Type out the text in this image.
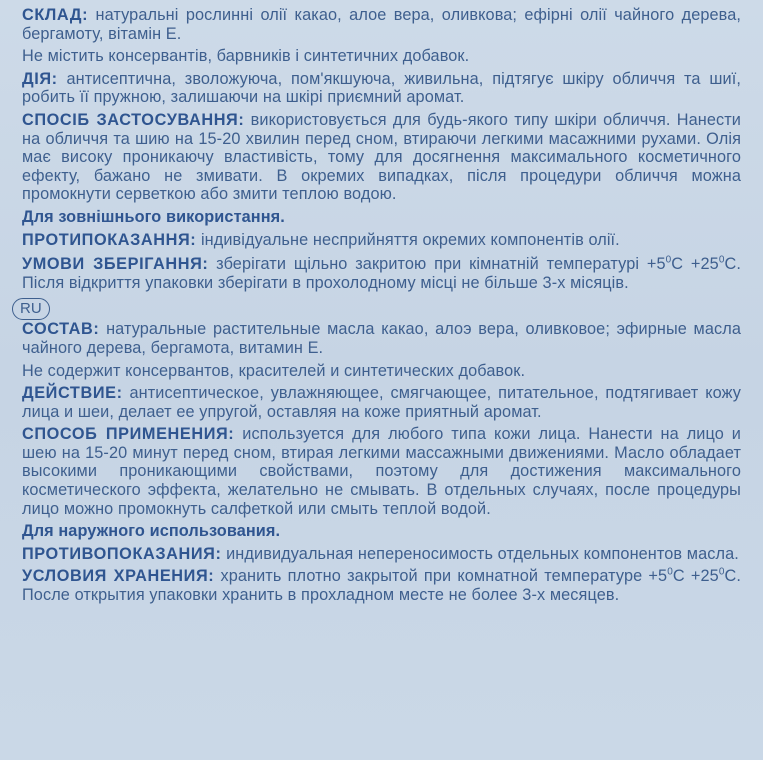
СКЛАД: натуральні рослинні олії какао, алое вера, оливкова; ефірні олії чайного дерева, бергамоту, вітамін Е.

Не містить консервантів, барвників і синтетичних добавок.

ДІЯ: антисептична, зволожуюча, пом'якшуюча, живильна, підтягує шкіру обличчя та шиї, робить її пружною, залишаючи на шкірі приємний аромат.

СПОСІБ ЗАСТОСУВАННЯ: використовується для будь-якого типу шкіри обличчя. Нанести на обличчя та шию на 15-20 хвилин перед сном, втираючи легкими масажними рухами. Олія має високу проникаючу властивість, тому для досягнення максимального косметичного ефекту, бажано не змивати. В окремих випадках, після процедури обличчя можна промокнути серветкою або змити теплою водою.

Для зовнішнього використання.

ПРОТИПОКАЗАННЯ: індивідуальне несприйняття окремих компонентів олії.

УМОВИ ЗБЕРІГАННЯ: зберігати щільно закритою при кімнатній температурі $+5^0С +25^0С$. Після відкриття упаковки зберігати в прохолодному місці не більше 3-х місяців.

RU

СОСТАВ: натуральные растительные масла какао, алоэ вера, оливковое; эфирные масла чайного дерева, бергамота, витамин Е.

Не содержит консервантов, красителей и синтетических добавок.

ДЕЙСТВИЕ: антисептическое, увлажняющее, смягчающее, питательное, подтягивает кожу лица и шеи, делает ее упругой, оставляя на коже приятный аромат.

СПОСОБ ПРИМЕНЕНИЯ: используется для любого типа кожи лица. Нанести на лицо и шею на 15-20 минут перед сном, втирая легкими массажными движениями. Масло обладает высокими проникающими свойствами, поэтому для достижения максимального косметического эффекта, желательно не смывать. В отдельных случаях, после процедуры лицо можно промокнуть салфеткой или смыть теплой водой.

Для наружного использования.

ПРОТИВОПОКАЗАНИЯ: индивидуальная непереносимость отдельных компонентов масла.

УСЛОВИЯ ХРАНЕНИЯ: хранить плотно закрытой при комнатной температуре $+5^0С +25^0С$. После открытия упаковки хранить в прохладном месте не более 3-х месяцев.
